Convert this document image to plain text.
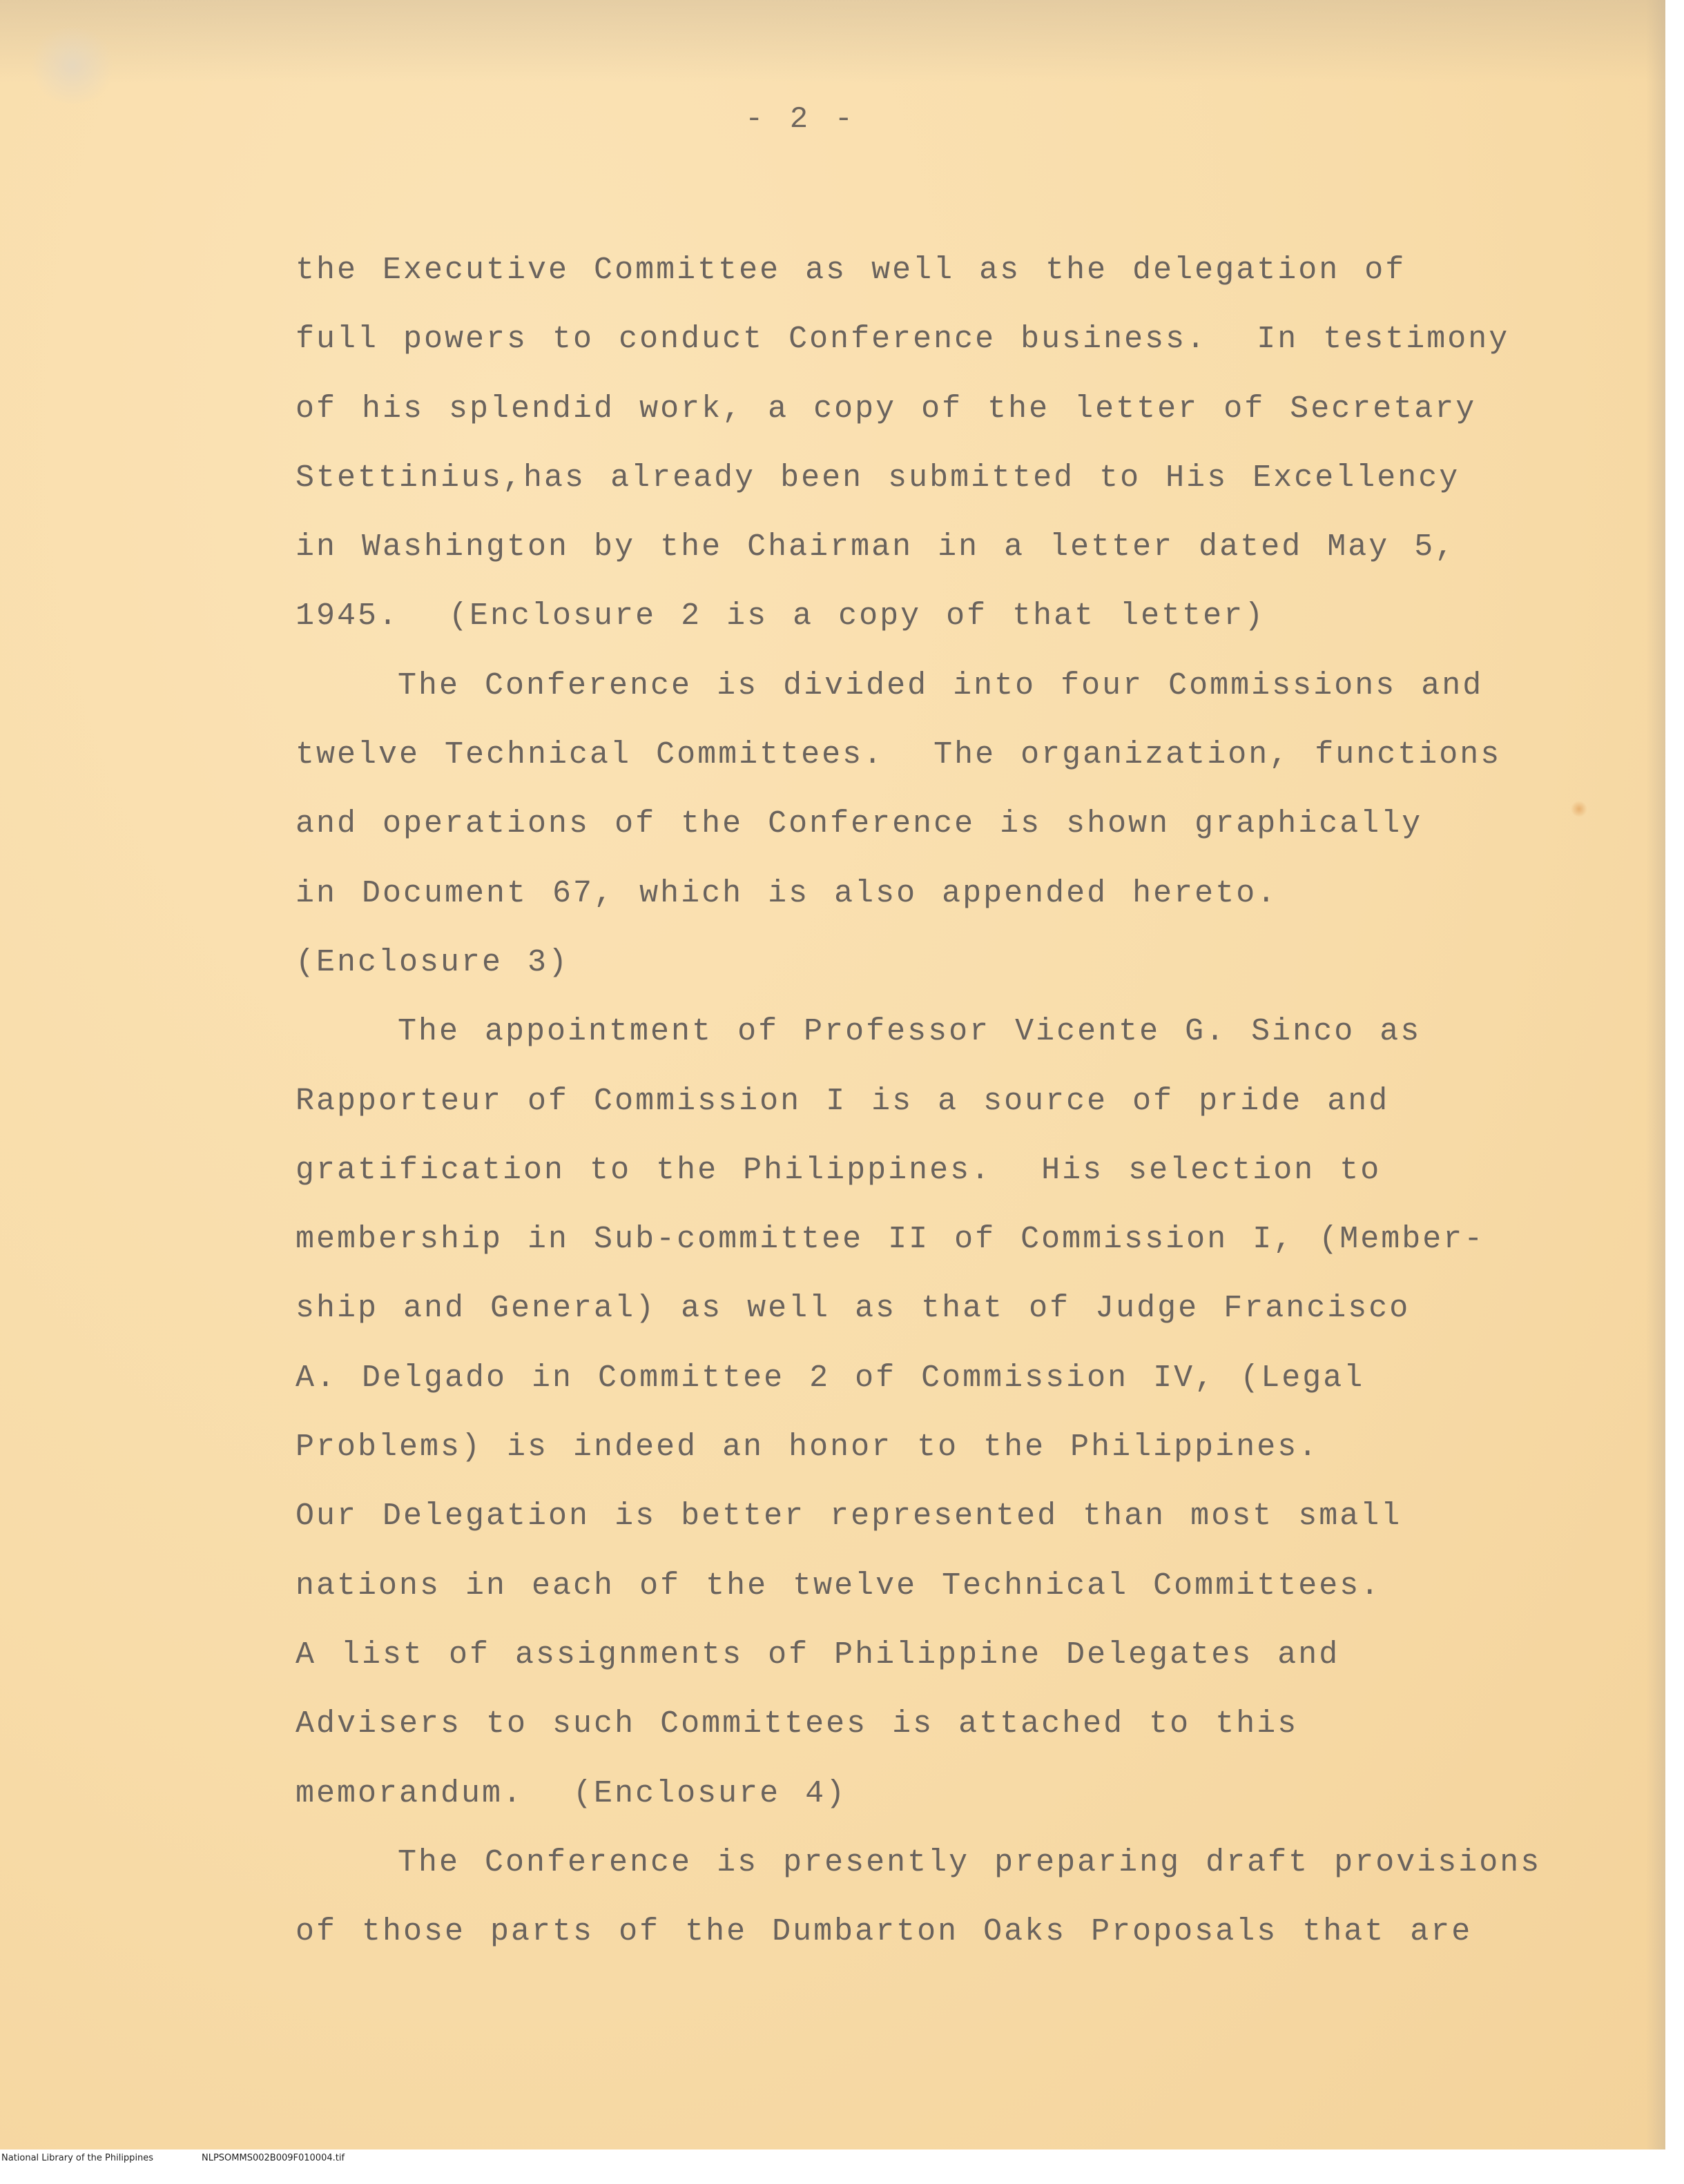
- 2 -
the Executive Committee as well as the delegation of
full powers to conduct Conference business.  In testimony
of his splendid work, a copy of the letter of Secretary
Stettinius,has already been submitted to His Excellency
in Washington by the Chairman in a letter dated May 5,
1945.  (Enclosure 2 is a copy of that letter)
The Conference is divided into four Commissions and
twelve Technical Committees.  The organization, functions
and operations of the Conference is shown graphically
in Document 67, which is also appended hereto.
(Enclosure 3)
The appointment of Professor Vicente G. Sinco as
Rapporteur of Commission I is a source of pride and
gratification to the Philippines.  His selection to
membership in Sub-committee II of Commission I, (Member-
ship and General) as well as that of Judge Francisco
A. Delgado in Committee 2 of Commission IV, (Legal
Problems) is indeed an honor to the Philippines.
Our Delegation is better represented than most small
nations in each of the twelve Technical Committees.
A list of assignments of Philippine Delegates and
Advisers to such Committees is attached to this
memorandum.  (Enclosure 4)
The Conference is presently preparing draft provisions
of those parts of the Dumbarton Oaks Proposals that are

National Library of the Philippines

	NLPSOMMS002B009F010004.tif
